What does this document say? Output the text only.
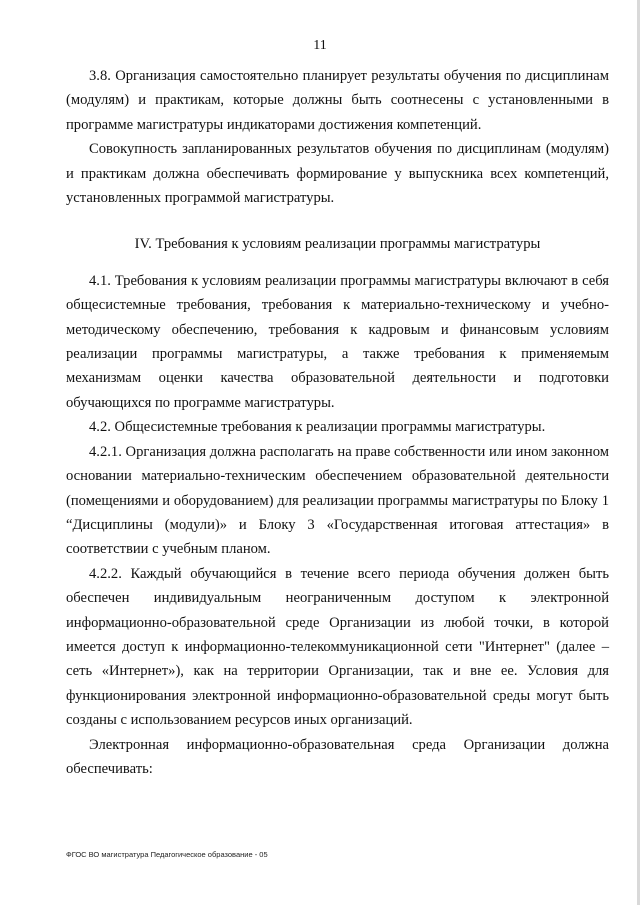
11

3.8. Организация самостоятельно планирует результаты обучения по дисциплинам (модулям) и практикам, которые должны быть соотнесены с установленными в программе магистратуры индикаторами достижения компетенций.

Совокупность запланированных результатов обучения по дисциплинам (модулям) и практикам должна обеспечивать формирование у выпускника всех компетенций, установленных программой магистратуры.

IV. Требования к условиям реализации программы магистратуры

4.1. Требования к условиям реализации программы магистратуры включают в себя общесистемные требования, требования к материально-техническому и учебно-методическому обеспечению, требования к кадровым и финансовым условиям реализации программы магистратуры, а также требования к применяемым механизмам оценки качества образовательной деятельности и подготовки обучающихся по программе магистратуры.

4.2. Общесистемные требования к реализации программы магистратуры.

4.2.1. Организация должна располагать на праве собственности или ином законном основании материально-техническим обеспечением образовательной деятельности (помещениями и оборудованием) для реализации программы магистратуры по Блоку 1 “Дисциплины (модули)» и Блоку 3 «Государственная итоговая аттестация» в соответствии с учебным планом.

4.2.2. Каждый обучающийся в течение всего периода обучения должен быть обеспечен индивидуальным неограниченным доступом к электронной информационно-образовательной среде Организации из любой точки, в которой имеется доступ к информационно-телекоммуникационной сети "Интернет" (далее – сеть «Интернет»), как на территории Организации, так и вне ее. Условия для функционирования электронной информационно-образовательной среды могут быть созданы с использованием ресурсов иных организаций.

Электронная информационно-образовательная среда Организации должна обеспечивать:

ФГОС ВО магистратура Педагогическое образование - 05
